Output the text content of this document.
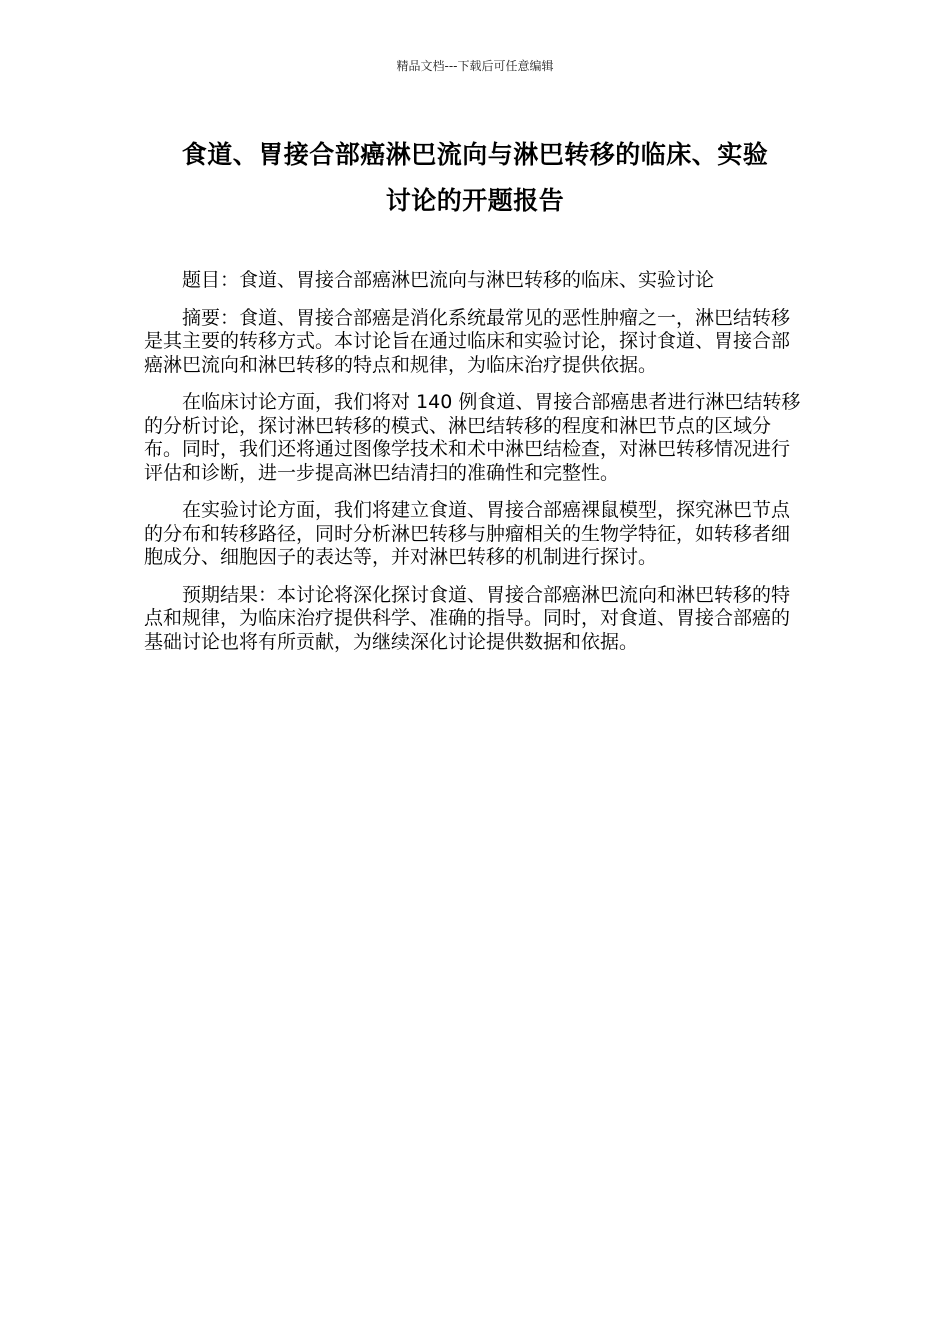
精品文档---下载后可任意编辑
食道、胃接合部癌淋巴流向与淋巴转移的临床、实验
讨论的开题报告

题目：食道、胃接合部癌淋巴流向与淋巴转移的临床、实验讨论

摘要：食道、胃接合部癌是消化系统最常见的恶性肿瘤之一，淋巴结转移是其主要的转移方式。本讨论旨在通过临床和实验讨论，探讨食道、胃接合部癌淋巴流向和淋巴转移的特点和规律，为临床治疗提供依据。

在临床讨论方面，我们将对 140 例食道、胃接合部癌患者进行淋巴结转移的分析讨论，探讨淋巴转移的模式、淋巴结转移的程度和淋巴节点的区域分布。同时，我们还将通过图像学技术和术中淋巴结检查，对淋巴转移情况进行评估和诊断，进一步提高淋巴结清扫的准确性和完整性。

在实验讨论方面，我们将建立食道、胃接合部癌裸鼠模型，探究淋巴节点的分布和转移路径，同时分析淋巴转移与肿瘤相关的生物学特征，如转移者细胞成分、细胞因子的表达等，并对淋巴转移的机制进行探讨。

预期结果：本讨论将深化探讨食道、胃接合部癌淋巴流向和淋巴转移的特点和规律，为临床治疗提供科学、准确的指导。同时，对食道、胃接合部癌的基础讨论也将有所贡献，为继续深化讨论提供数据和依据。
